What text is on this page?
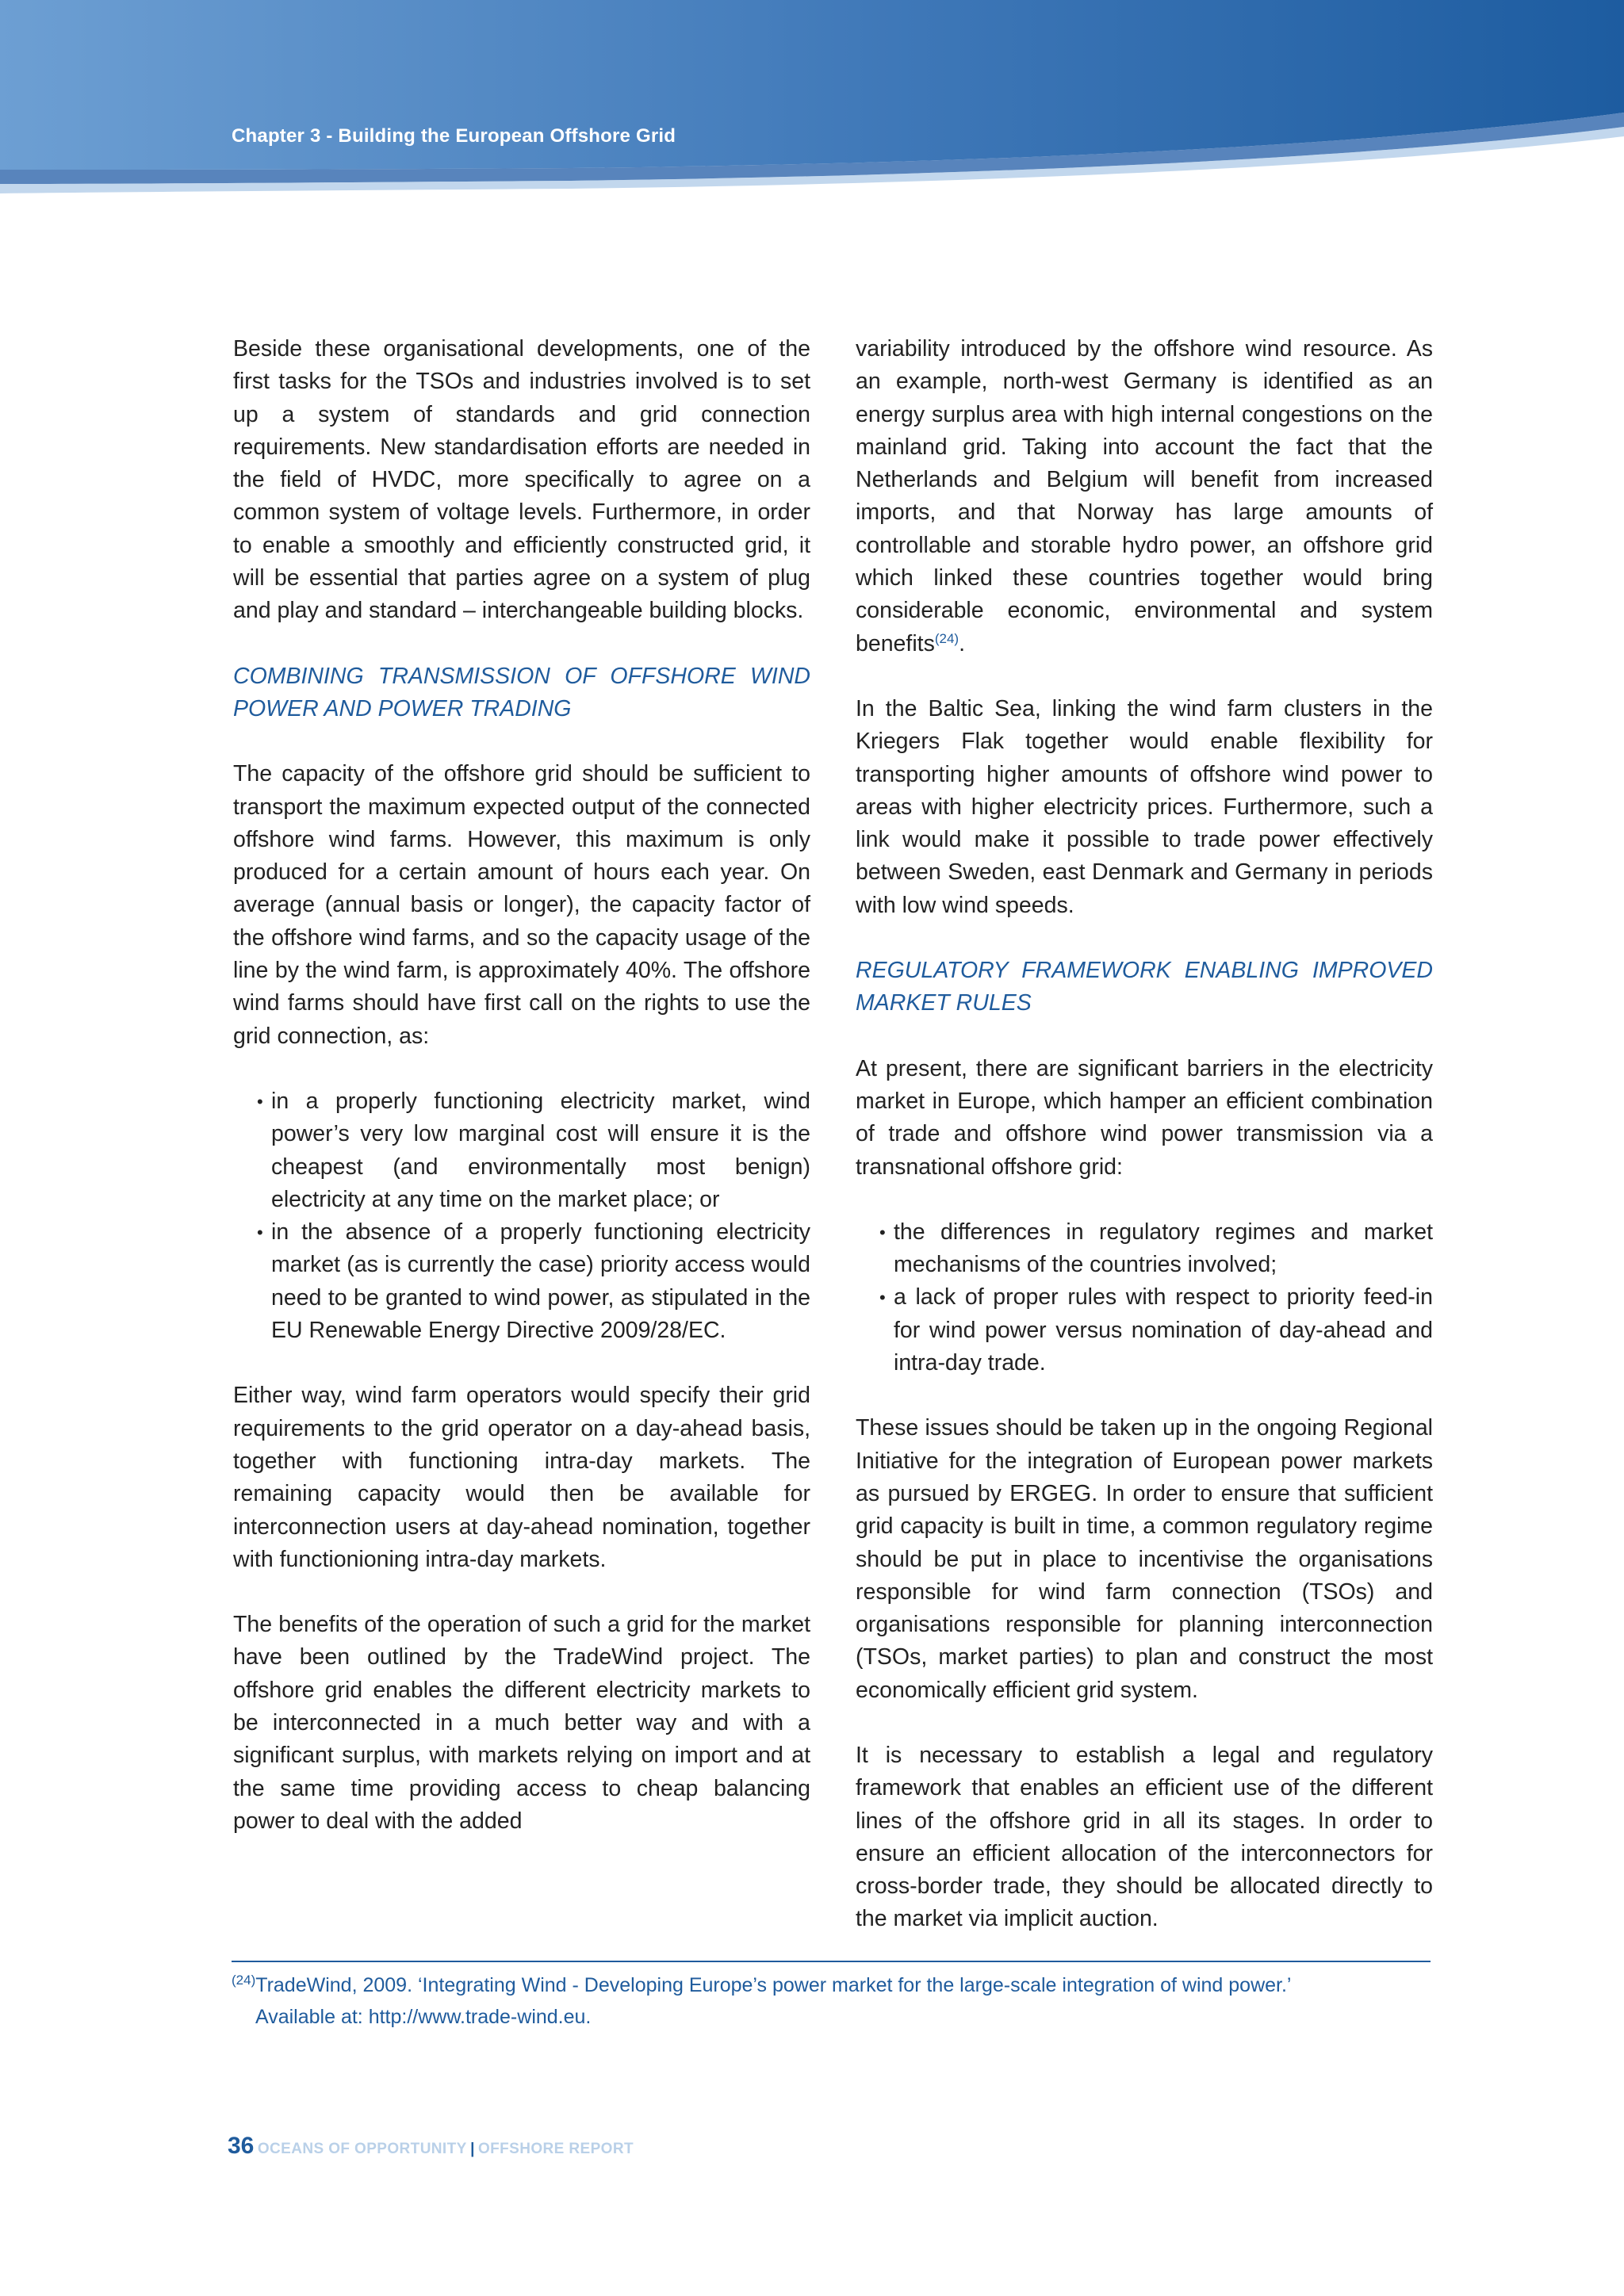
Chapter 3 - Building the European Offshore Grid

Beside these organisational developments, one of the first tasks for the TSOs and industries involved is to set up a system of standards and grid connection requirements. New standardisation efforts are needed in the field of HVDC, more specifically to agree on a common system of voltage levels. Furthermore, in order to enable a smoothly and efficiently constructed grid, it will be essential that parties agree on a system of plug and play and standard – interchangeable building blocks.

COMBINING TRANSMISSION OF OFFSHORE WIND POWER AND POWER TRADING

The capacity of the offshore grid should be sufficient to transport the maximum expected output of the connected offshore wind farms. However, this maximum is only produced for a certain amount of hours each year. On average (annual basis or longer), the capacity factor of the offshore wind farms, and so the capacity usage of the line by the wind farm, is approximately 40%. The offshore wind farms should have first call on the rights to use the grid connection, as:

• in a properly functioning electricity market, wind power’s very low marginal cost will ensure it is the cheapest (and environmentally most benign) electricity at any time on the market place; or
• in the absence of a properly functioning electricity market (as is currently the case) priority access would need to be granted to wind power, as stipulated in the EU Renewable Energy Directive 2009/28/EC.

Either way, wind farm operators would specify their grid requirements to the grid operator on a day-ahead basis, together with functioning intra-day markets. The remaining capacity would then be available for interconnection users at day-ahead nomination, together with functionioning intra-day markets.

The benefits of the operation of such a grid for the market have been outlined by the TradeWind project. The offshore grid enables the different electricity markets to be interconnected in a much better way and with a significant surplus, with markets relying on import and at the same time providing access to cheap balancing power to deal with the added

variability introduced by the offshore wind resource. As an example, north-west Germany is identified as an energy surplus area with high internal congestions on the mainland grid. Taking into account the fact that the Netherlands and Belgium will benefit from increased imports, and that Norway has large amounts of controllable and storable hydro power, an offshore grid which linked these countries together would bring considerable economic, environmental and system benefits$^{(24)}$.

In the Baltic Sea, linking the wind farm clusters in the Kriegers Flak together would enable flexibility for transporting higher amounts of offshore wind power to areas with higher electricity prices. Furthermore, such a link would make it possible to trade power effectively between Sweden, east Denmark and Germany in periods with low wind speeds.

REGULATORY FRAMEWORK ENABLING IMPROVED MARKET RULES

At present, there are significant barriers in the electricity market in Europe, which hamper an efficient combination of trade and offshore wind power transmission via a transnational offshore grid:

• the differences in regulatory regimes and market mechanisms of the countries involved;
• a lack of proper rules with respect to priority feed-in for wind power versus nomination of day-ahead and intra-day trade.

These issues should be taken up in the ongoing Regional Initiative for the integration of European power markets as pursued by ERGEG. In order to ensure that sufficient grid capacity is built in time, a common regulatory regime should be put in place to incentivise the organisations responsible for wind farm connection (TSOs) and organisations responsible for planning interconnection (TSOs, market parties) to plan and construct the most economically efficient grid system.

It is necessary to establish a legal and regulatory framework that enables an efficient use of the different lines of the offshore grid in all its stages. In order to ensure an efficient allocation of the interconnectors for cross-border trade, they should be allocated directly to the market via implicit auction.

$^{(24)}$TradeWind, 2009. ‘Integrating Wind - Developing Europe’s power market for the large-scale integration of wind power.’
Available at: http://www.trade-wind.eu.
36 OCEANS OF OPPORTUNITY | OFFSHORE REPORT
